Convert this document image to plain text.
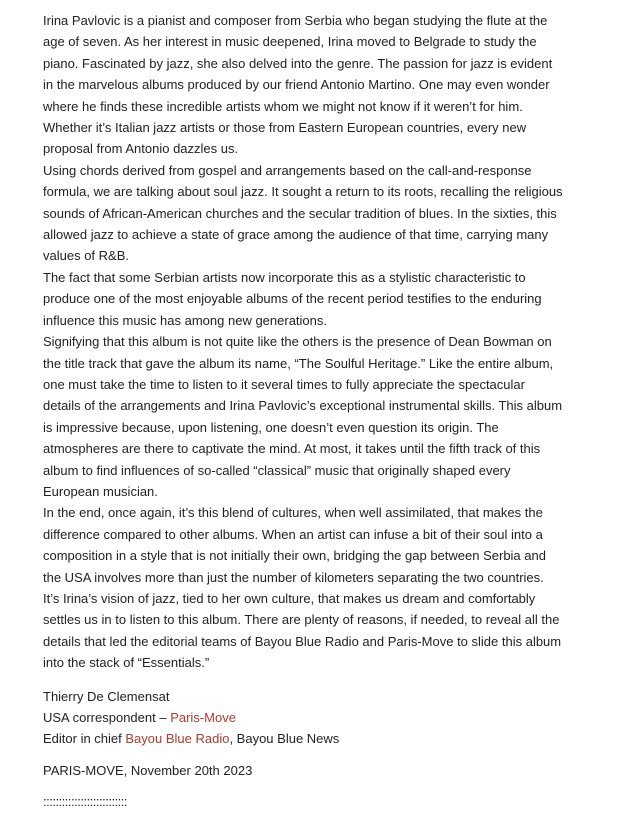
Irina Pavlovic is a pianist and composer from Serbia who began studying the flute at the age of seven. As her interest in music deepened, Irina moved to Belgrade to study the piano. Fascinated by jazz, she also delved into the genre. The passion for jazz is evident in the marvelous albums produced by our friend Antonio Martino. One may even wonder where he finds these incredible artists whom we might not know if it weren’t for him. Whether it’s Italian jazz artists or those from Eastern European countries, every new proposal from Antonio dazzles us.

Using chords derived from gospel and arrangements based on the call-and-response formula, we are talking about soul jazz. It sought a return to its roots, recalling the religious sounds of African-American churches and the secular tradition of blues. In the sixties, this allowed jazz to achieve a state of grace among the audience of that time, carrying many values of R&B.

The fact that some Serbian artists now incorporate this as a stylistic characteristic to produce one of the most enjoyable albums of the recent period testifies to the enduring influence this music has among new generations.

Signifying that this album is not quite like the others is the presence of Dean Bowman on the title track that gave the album its name, “The Soulful Heritage.” Like the entire album, one must take the time to listen to it several times to fully appreciate the spectacular details of the arrangements and Irina Pavlovic’s exceptional instrumental skills. This album is impressive because, upon listening, one doesn’t even question its origin. The atmospheres are there to captivate the mind. At most, it takes until the fifth track of this album to find influences of so-called “classical” music that originally shaped every European musician.

In the end, once again, it’s this blend of cultures, when well assimilated, that makes the difference compared to other albums. When an artist can infuse a bit of their soul into a composition in a style that is not initially their own, bridging the gap between Serbia and the USA involves more than just the number of kilometers separating the two countries. It’s Irina’s vision of jazz, tied to her own culture, that makes us dream and comfortably settles us in to listen to this album. There are plenty of reasons, if needed, to reveal all the details that led the editorial teams of Bayou Blue Radio and Paris-Move to slide this album into the stack of “Essentials.”

Thierry De Clemensat
USA correspondent – Paris-Move
Editor in chief Bayou Blue Radio, Bayou Blue News
PARIS-MOVE, November 20th 2023
:::::::::::::::::::::::::::
